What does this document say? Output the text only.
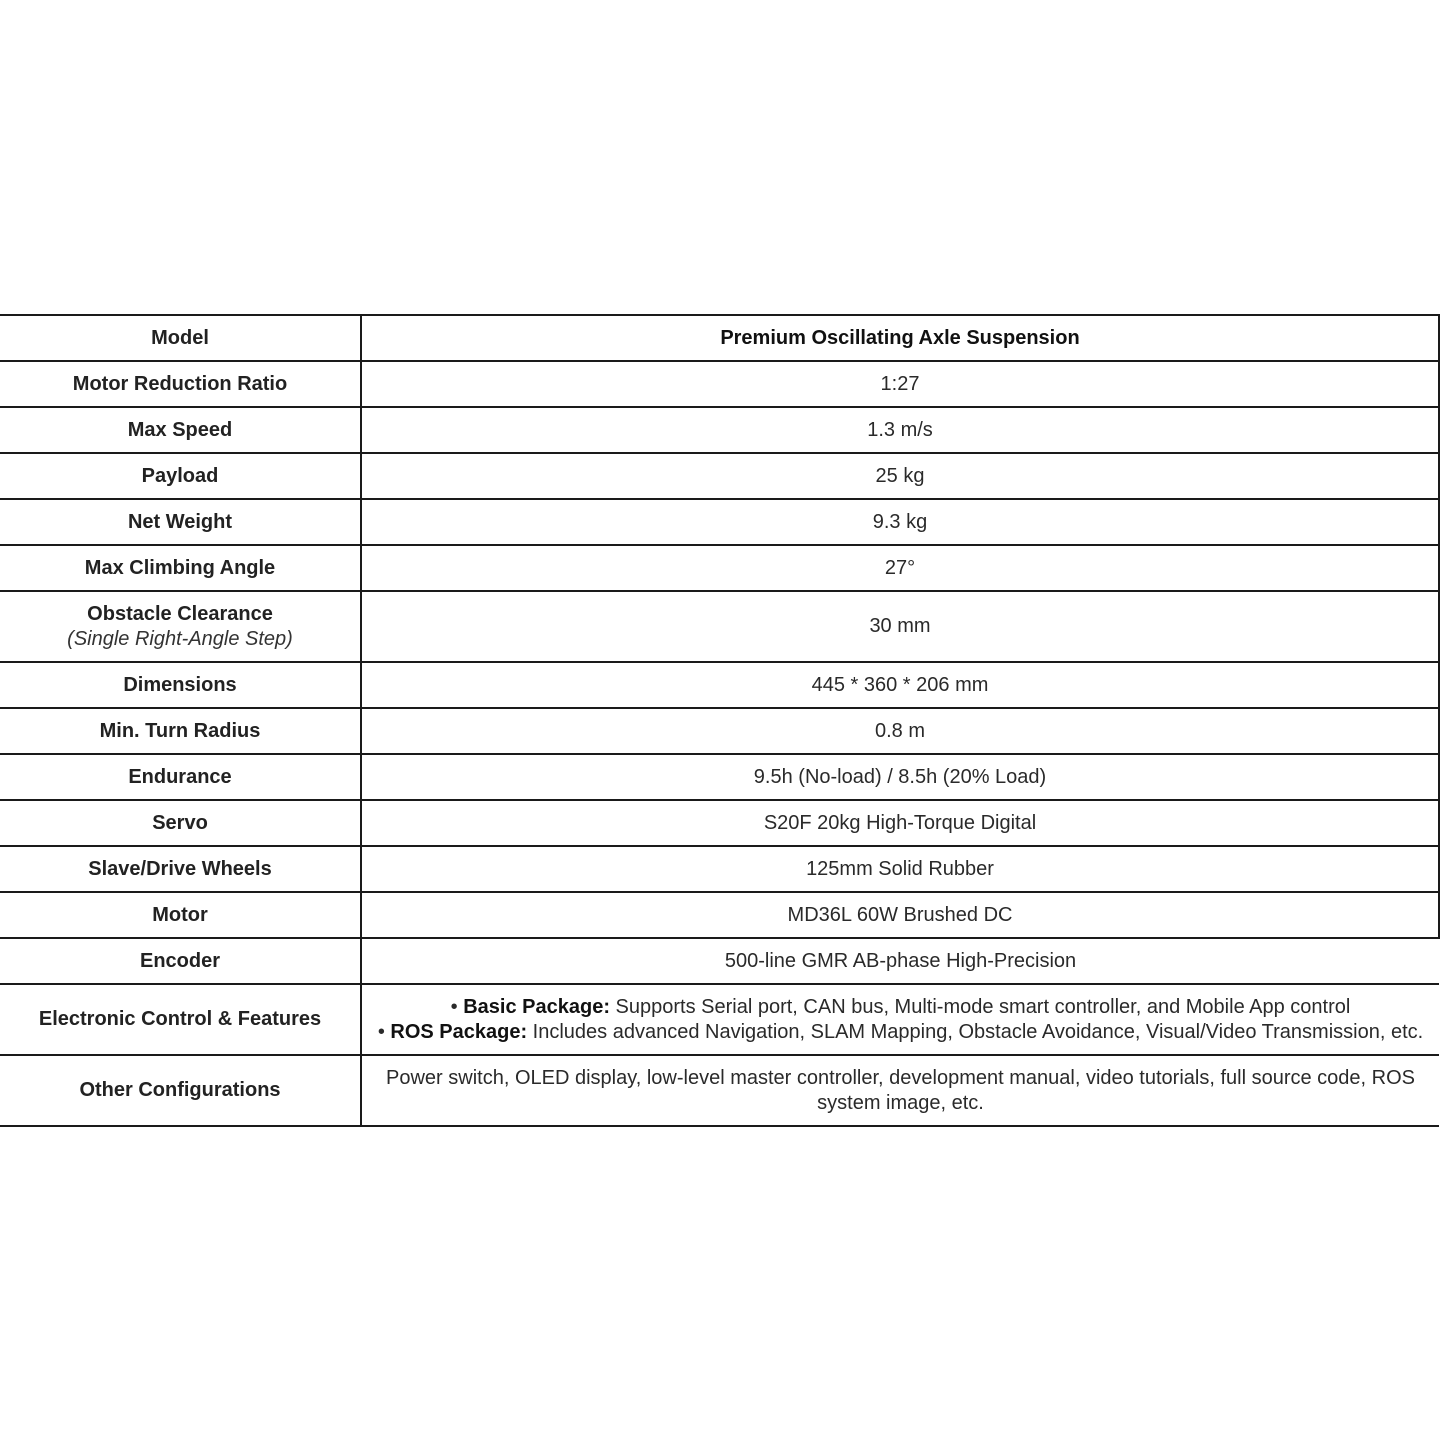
Model	Premium Oscillating Axle Suspension
Motor Reduction Ratio	1:27
Max Speed	1.3 m/s
Payload	25 kg
Net Weight	9.3 kg
Max Climbing Angle	27°
Obstacle Clearance
(Single Right-Angle Step)	30 mm
Dimensions	445 * 360 * 206 mm
Min. Turn Radius	0.8 m
Endurance	9.5h (No-load) / 8.5h (20% Load)
Servo	S20F 20kg High-Torque Digital
Slave/Drive Wheels	125mm Solid Rubber
Motor	MD36L 60W Brushed DC
Encoder	500-line GMR AB-phase High-Precision
Electronic Control & Features	• Basic Package: Supports Serial port, CAN bus, Multi-mode smart controller, and Mobile App control
• ROS Package: Includes advanced Navigation, SLAM Mapping, Obstacle Avoidance, Visual/Video Transmission, etc.

Other Configurations	Power switch, OLED display, low-level master controller, development manual, video tutorials, full source code, ROS system image, etc.
